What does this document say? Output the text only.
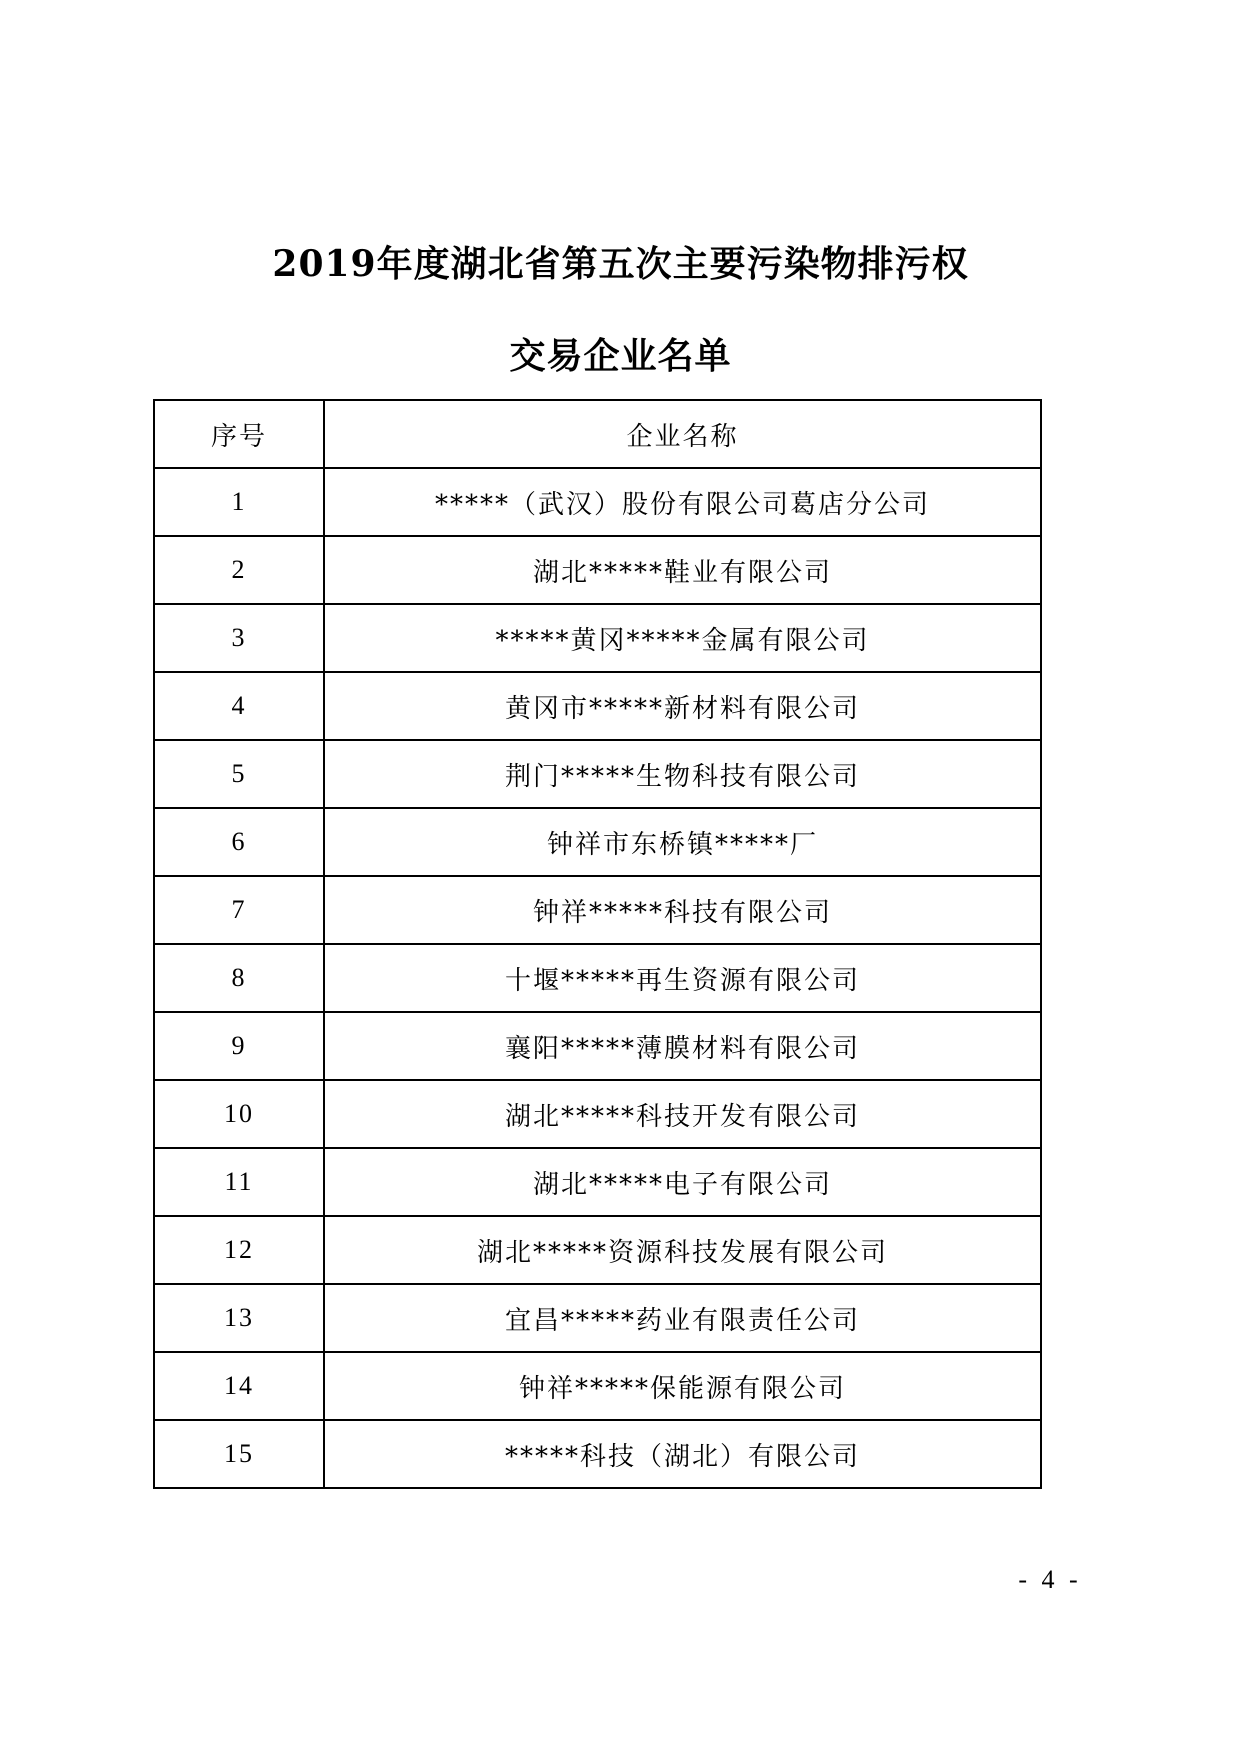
2019年度湖北省第五次主要污染物排污权
交易企业名单
序号	企业名称
1	*****（武汉）股份有限公司葛店分公司
2	湖北*****鞋业有限公司
3	*****黄冈*****金属有限公司
4	黄冈市*****新材料有限公司
5	荆门*****生物科技有限公司
6	钟祥市东桥镇*****厂
7	钟祥*****科技有限公司
8	十堰*****再生资源有限公司
9	襄阳*****薄膜材料有限公司
10	湖北*****科技开发有限公司
11	湖北*****电子有限公司
12	湖北*****资源科技发展有限公司
13	宜昌*****药业有限责任公司
14	钟祥*****保能源有限公司
15	*****科技（湖北）有限公司
- 4 -
